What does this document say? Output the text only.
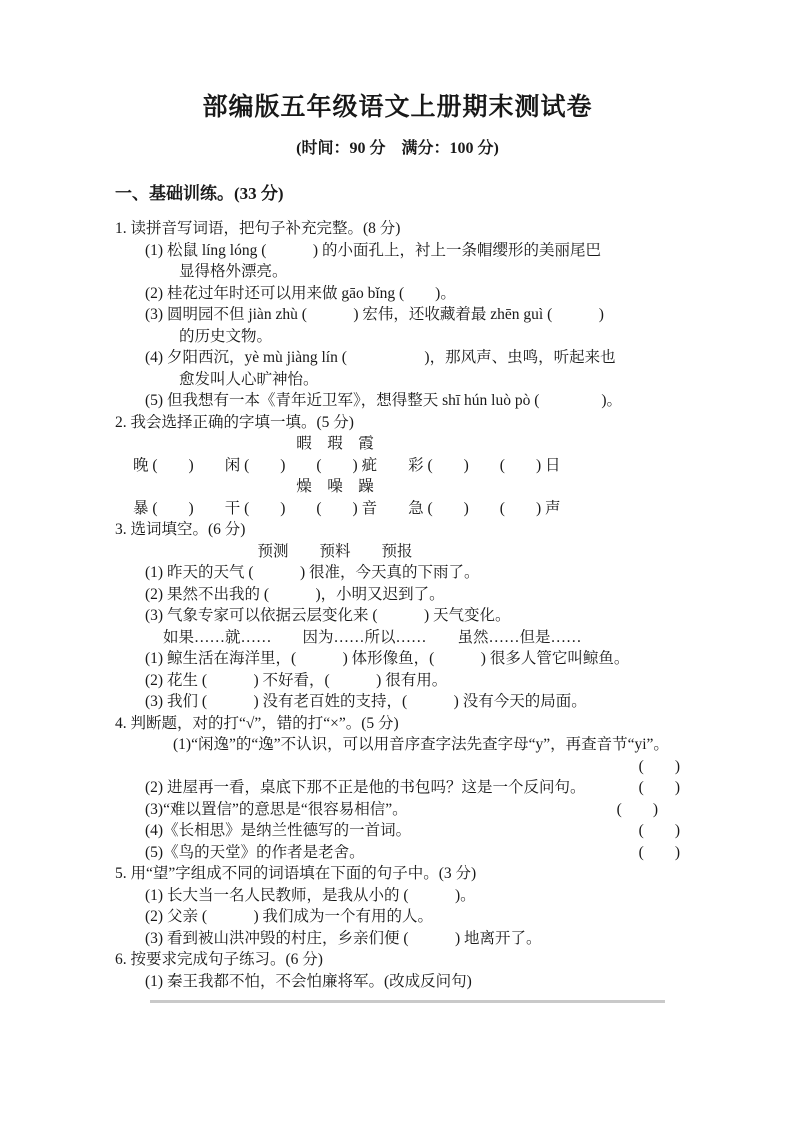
部编版五年级语文上册期末测试卷
(时间：90 分　满分：100 分)
一、基础训练。(33 分)
1. 读拼音写词语，把句子补充完整。(8 分)
(1) 松鼠 líng lóng (　　　) 的小面孔上，衬上一条帽缨形的美丽尾巴
显得格外漂亮。
(2) 桂花过年时还可以用来做 gāo bǐng (　　)。
(3) 圆明园不但 jiàn zhù (　　　) 宏伟，还收藏着最 zhēn guì (　　　)
的历史文物。
(4) 夕阳西沉，yè mù jiàng lín (　　　　　)，那风声、虫鸣，听起来也
愈发叫人心旷神怡。
(5) 但我想有一本《青年近卫军》，想得整天 shī hún luò pò (　　　　)。
2. 我会选择正确的字填一填。(5 分)
暇　瑕　霞
晚 (　　)　　闲 (　　)　　(　　) 疵　　彩 (　　)　　(　　) 日
燥　噪　躁
暴 (　　)　　干 (　　)　　(　　) 音　　急 (　　)　　(　　) 声
3. 选词填空。(6 分)
预测　　预料　　预报
(1) 昨天的天气 (　　　) 很准，今天真的下雨了。
(2) 果然不出我的 (　　　)，小明又迟到了。
(3) 气象专家可以依据云层变化来 (　　　) 天气变化。
如果……就……　　因为……所以……　　虽然……但是……
(1) 鲸生活在海洋里，(　　　) 体形像鱼，(　　　) 很多人管它叫鲸鱼。
(2) 花生 (　　　) 不好看，(　　　) 很有用。
(3) 我们 (　　　) 没有老百姓的支持，(　　　) 没有今天的局面。
4. 判断题，对的打“√”，错的打“×”。(5 分)
(1)“闲逸”的“逸”不认识，可以用音序查字法先查字母“y”，再查音节“yi”。
(　　)
(2) 进屋再一看，桌底下那不正是他的书包吗？这是一个反问句。	(　　)
(3)“难以置信”的意思是“很容易相信”。	(　　)
(4)《长相思》是纳兰性德写的一首词。	(　　)
(5)《鸟的天堂》的作者是老舍。	(　　)
5. 用“望”字组成不同的词语填在下面的句子中。(3 分)
(1) 长大当一名人民教师，是我从小的 (　　　)。
(2) 父亲 (　　　) 我们成为一个有用的人。
(3) 看到被山洪冲毁的村庄，乡亲们便 (　　　) 地离开了。
6. 按要求完成句子练习。(6 分)
(1) 秦王我都不怕，不会怕廉将军。(改成反问句)
